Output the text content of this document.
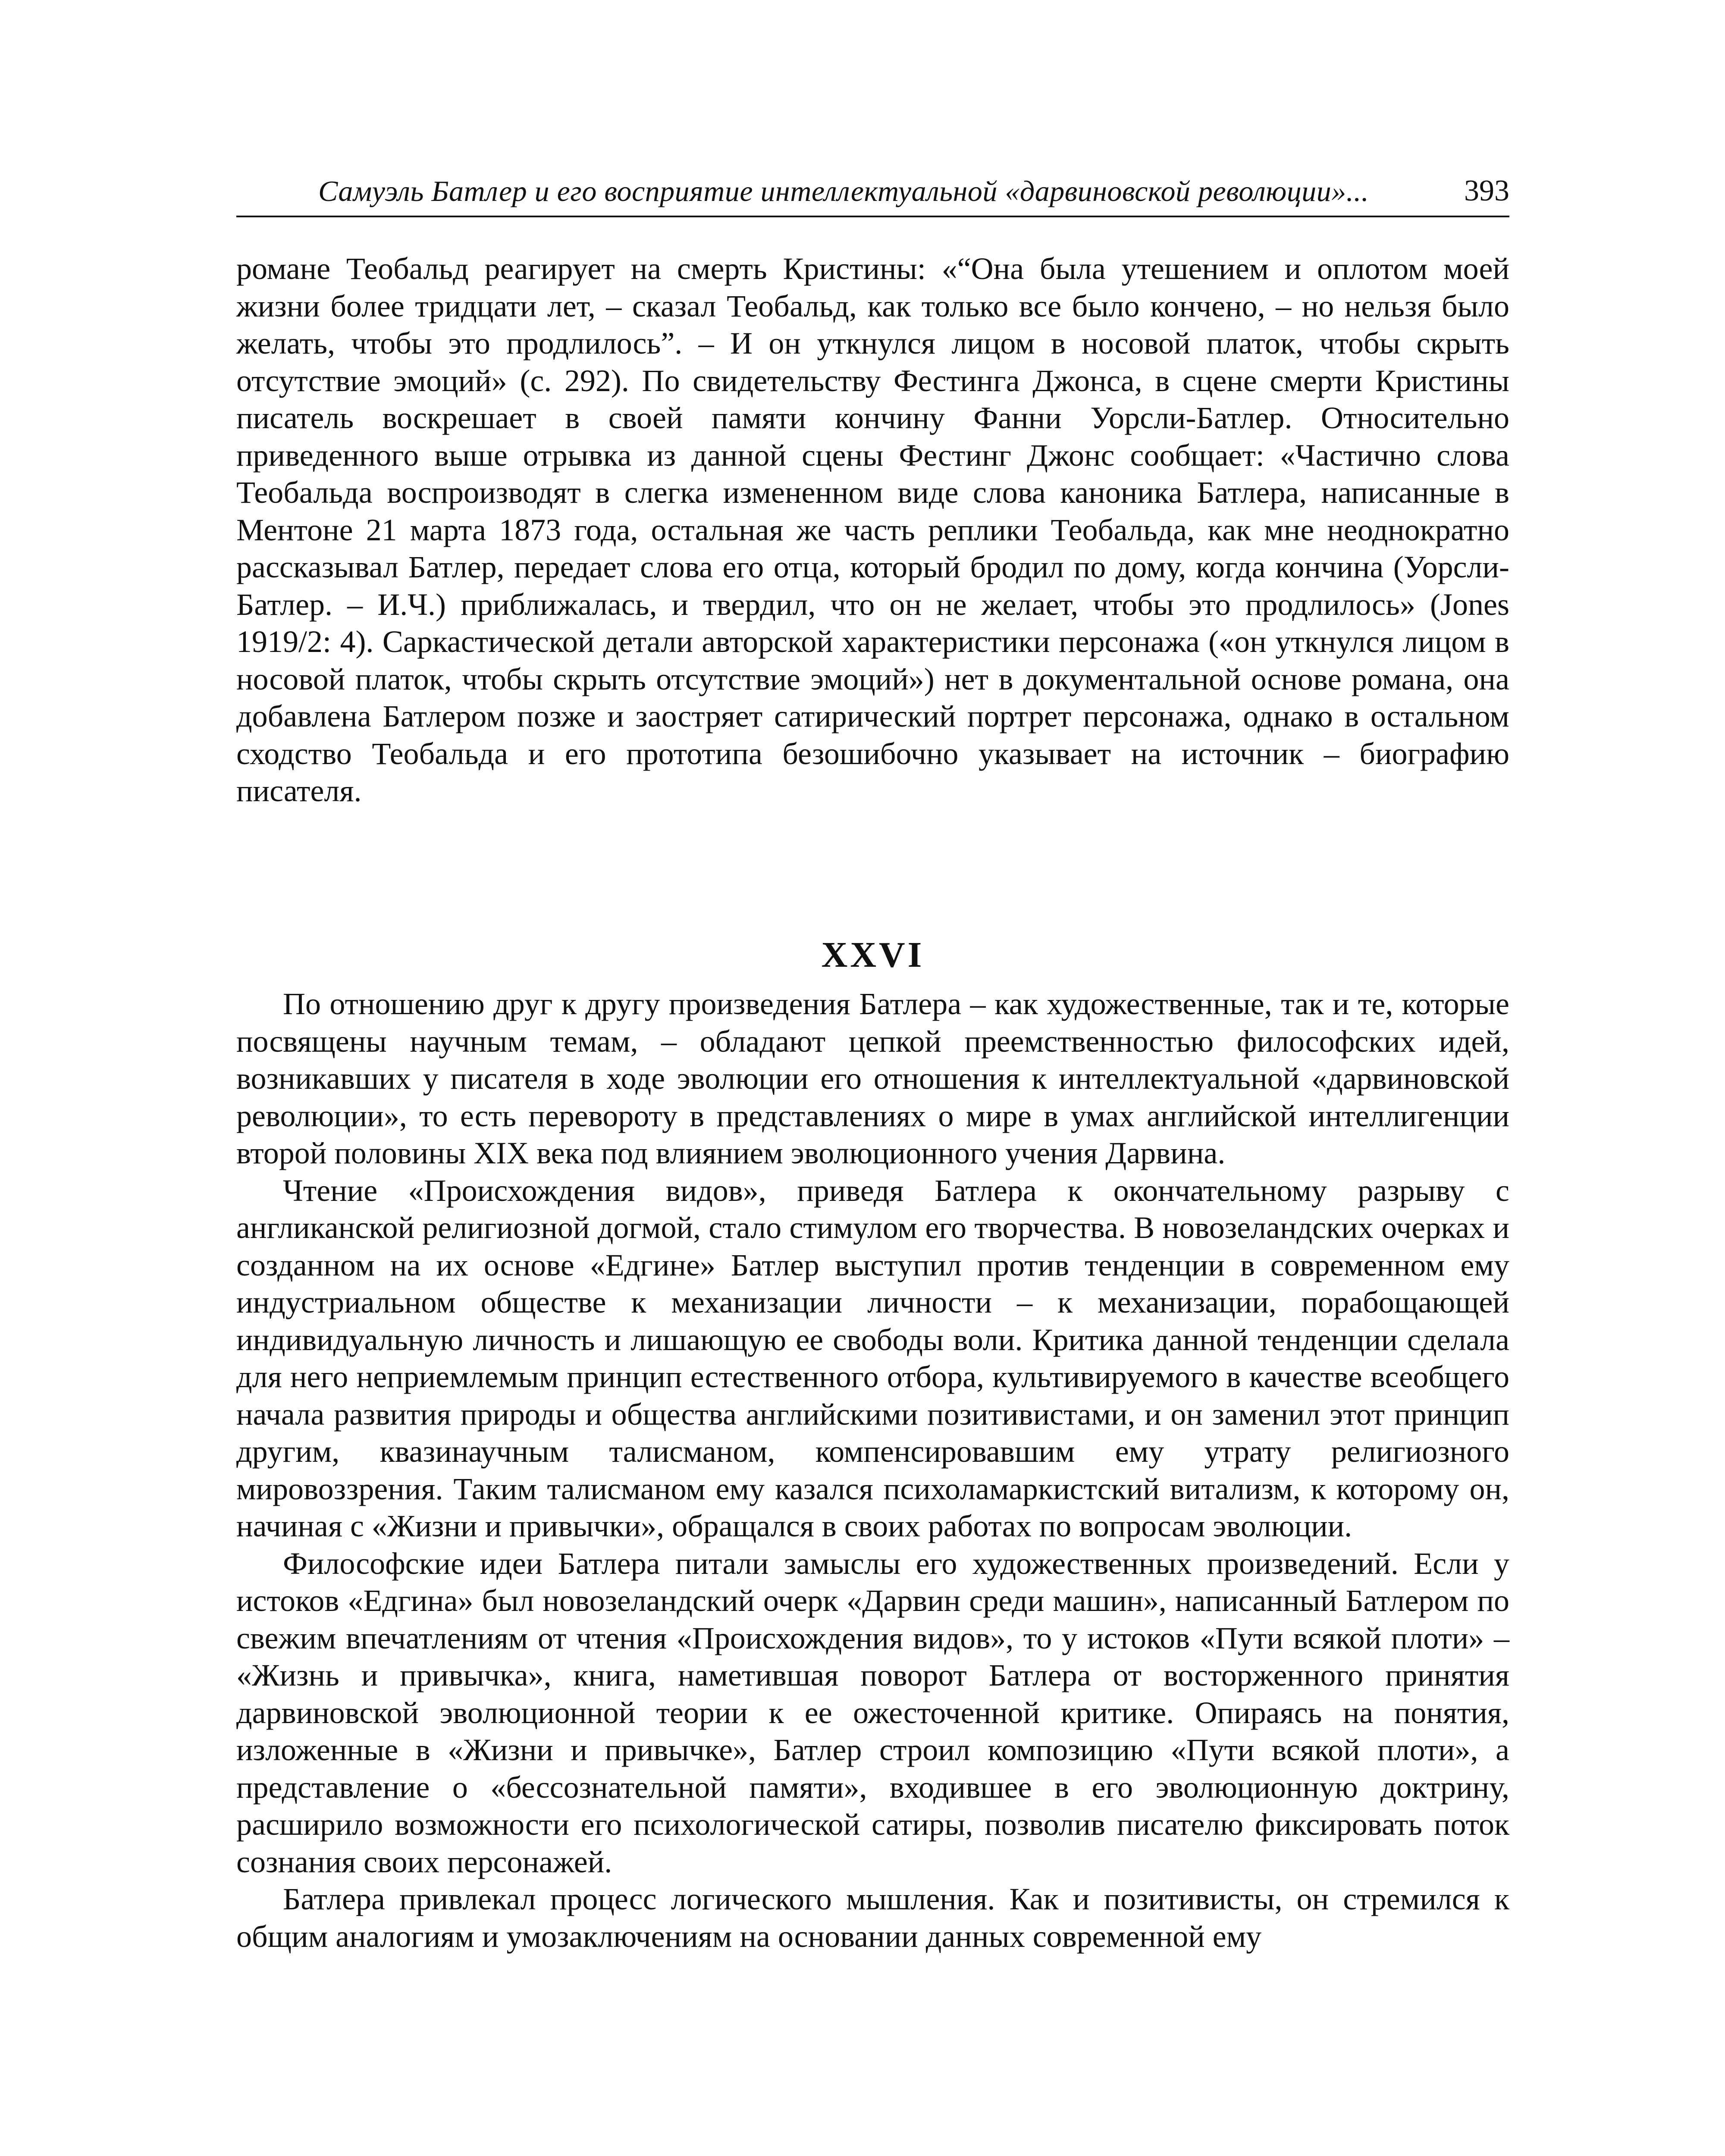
Самуэль Батлер и его восприятие интеллектуальной «дарвиновской революции»...	393

романе Теобальд реагирует на смерть Кристины: «“Она была утешением и оплотом моей жизни более тридцати лет, – сказал Теобальд, как только все было кончено, – но нельзя было желать, чтобы это продлилось”. – И он уткнулся лицом в носовой платок, чтобы скрыть отсутствие эмоций» (с. 292). По свидетельству Фестинга Джонса, в сцене смерти Кристины писатель воскрешает в своей памяти кончину Фанни Уорсли-Батлер. Относительно приведенного выше отрывка из данной сцены Фестинг Джонс сообщает: «Частично слова Теобальда воспроизводят в слегка измененном виде слова каноника Батлера, написанные в Ментоне 21 марта 1873 года, остальная же часть реплики Теобальда, как мне неоднократно рассказывал Батлер, передает слова его отца, который бродил по дому, когда кончина (Уорсли-Батлер. – И.Ч.) приближалась, и твердил, что он не желает, чтобы это продлилось» (Jones 1919/2: 4). Саркастической детали авторской характеристики персонажа («он уткнулся лицом в носовой платок, чтобы скрыть отсутствие эмоций») нет в документальной основе романа, она добавлена Батлером позже и заостряет сатирический портрет персонажа, однако в остальном сходство Теобальда и его прототипа безошибочно указывает на источник – биографию писателя.

XXVI

По отношению друг к другу произведения Батлера – как художественные, так и те, которые посвящены научным темам, – обладают цепкой преемственностью философских идей, возникавших у писателя в ходе эволюции его отношения к интеллектуальной «дарвиновской революции», то есть перевороту в представлениях о мире в умах английской интеллигенции второй половины XIX века под влиянием эволюционного учения Дарвина.

Чтение «Происхождения видов», приведя Батлера к окончательному разрыву с англиканской религиозной догмой, стало стимулом его творчества. В новозеландских очерках и созданном на их основе «Едгине» Батлер выступил против тенденции в современном ему индустриальном обществе к механизации личности – к механизации, порабощающей индивидуальную личность и лишающую ее свободы воли. Критика данной тенденции сделала для него неприемлемым принцип естественного отбора, культивируемого в качестве всеобщего начала развития природы и общества английскими позитивистами, и он заменил этот принцип другим, квазинаучным талисманом, компенсировавшим ему утрату религиозного мировоззрения. Таким талисманом ему казался психоламаркистский витализм, к которому он, начиная с «Жизни и привычки», обращался в своих работах по вопросам эволюции.

Философские идеи Батлера питали замыслы его художественных произведений. Если у истоков «Едгина» был новозеландский очерк «Дарвин среди машин», написанный Батлером по свежим впечатлениям от чтения «Происхождения видов», то у истоков «Пути всякой плоти» – «Жизнь и привычка», книга, наметившая поворот Батлера от восторженного принятия дарвиновской эволюционной теории к ее ожесточенной критике. Опираясь на понятия, изложенные в «Жизни и привычке», Батлер строил композицию «Пути всякой плоти», а представление о «бессознательной памяти», входившее в его эволюционную доктрину, расширило возможности его психологической сатиры, позволив писателю фиксировать поток сознания своих персонажей.

Батлера привлекал процесс логического мышления. Как и позитивисты, он стремился к общим аналогиям и умозаключениям на основании данных современной ему
